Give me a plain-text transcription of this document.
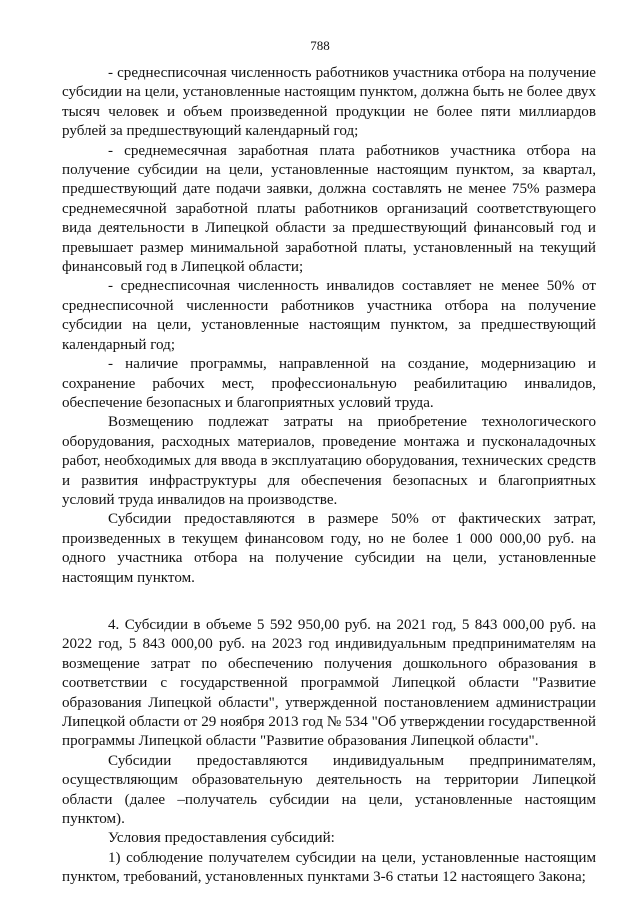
788

- среднесписочная численность работников участника отбора на получение субсидии на цели, установленные настоящим пунктом, должна быть не более двух тысяч человек и объем произведенной продукции не более пяти миллиардов рублей за предшествующий календарный год;

- среднемесячная заработная плата работников участника отбора на получение субсидии на цели, установленные настоящим пунктом, за квартал, предшествующий дате подачи заявки, должна составлять не менее 75% размера среднемесячной заработной платы работников организаций соответствующего вида деятельности в Липецкой области за предшествующий финансовый год и превышает размер минимальной заработной платы, установленный на текущий финансовый год в Липецкой области;

- среднесписочная численность инвалидов составляет не менее 50% от среднесписочной численности работников участника отбора на получение субсидии на цели, установленные настоящим пунктом, за предшествующий календарный год;

- наличие программы, направленной на создание, модернизацию и сохранение рабочих мест, профессиональную реабилитацию инвалидов, обеспечение безопасных и благоприятных условий труда.

Возмещению подлежат затраты на приобретение технологического оборудования, расходных материалов, проведение монтажа и пусконаладочных работ, необходимых для ввода в эксплуатацию оборудования, технических средств и развития инфраструктуры для обеспечения безопасных и благоприятных условий труда инвалидов на производстве.

Субсидии предоставляются в размере 50% от фактических затрат, произведенных в текущем финансовом году, но не более 1 000 000,00 руб. на одного участника отбора на получение субсидии на цели, установленные настоящим пунктом.

4. Субсидии в объеме 5 592 950,00 руб. на 2021 год, 5 843 000,00 руб. на 2022 год, 5 843 000,00 руб. на 2023 год индивидуальным предпринимателям на возмещение затрат по обеспечению получения дошкольного образования в соответствии с государственной программой Липецкой области "Развитие образования Липецкой области", утвержденной постановлением администрации Липецкой области от 29 ноября 2013 год № 534 "Об утверждении государственной программы Липецкой области "Развитие образования Липецкой области".

Субсидии предоставляются индивидуальным предпринимателям, осуществляющим образовательную деятельность на территории Липецкой области (далее –получатель субсидии на цели, установленные настоящим пунктом).

Условия предоставления субсидий:

1) соблюдение получателем субсидии на цели, установленные настоящим пунктом, требований, установленных пунктами 3-6 статьи 12 настоящего Закона;
